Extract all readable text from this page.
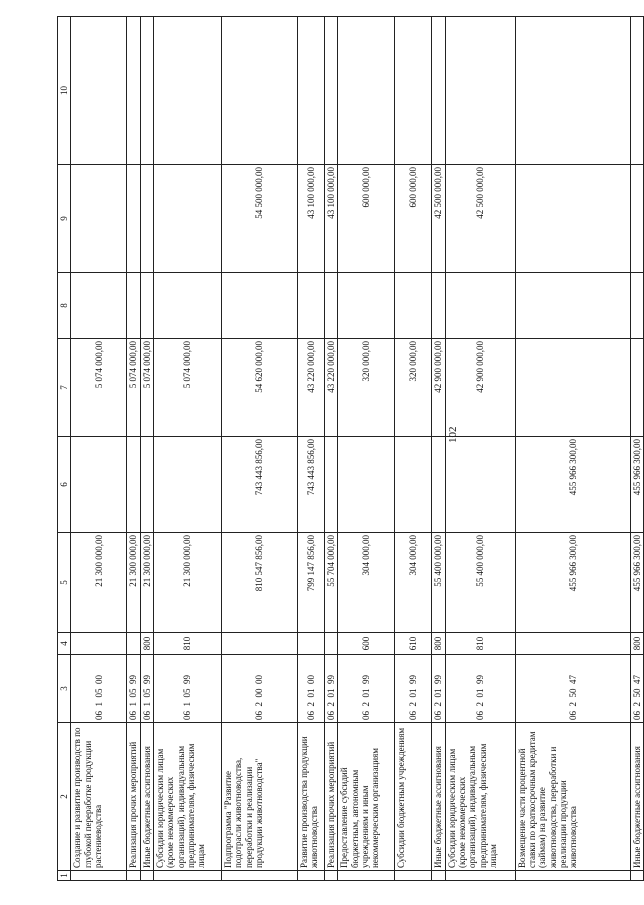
102
1	2	3	4	5	6	7	8	9	10
	Создание и развитие производств по глубокой переработке продукции растениеводства	06  1  05  00		21 300 000,00		5 074 000,00			
	Реализация прочих мероприятий	06  1  05  99		21 300 000,00		5 074 000,00			
	Иные бюджетные ассигнования	06  1  05  99	800	21 300 000,00		5 074 000,00			
	Субсидии юридическим лицам (кроме некоммерческих организаций), индивидуальным предпринимателям, физическим лицам	06  1  05  99	810	21 300 000,00		5 074 000,00			
	Подпрограмма "Развитие подотрасли животноводства, переработки и реализации продукции животноводства"	06  2  00  00		810 547 856,00	743 443 856,00	54 620 000,00		54 500 000,00	
	Развитие производства продукции животноводства	06  2  01  00		799 147 856,00	743 443 856,00	43 220 000,00		43 100 000,00	
	Реализация прочих мероприятий	06  2  01  99		55 704 000,00		43 220 000,00		43 100 000,00	
	Предоставление субсидий бюджетным, автономным учреждениям и иным некоммерческим организациям	06  2  01  99	600	304 000,00		320 000,00		600 000,00	
	Субсидии бюджетным учреждениям	06  2  01  99	610	304 000,00		320 000,00		600 000,00	
	Иные бюджетные ассигнования	06  2  01  99	800	55 400 000,00		42 900 000,00		42 500 000,00	
	Субсидии юридическим лицам (кроме некоммерческих организаций), индивидуальным предпринимателям, физическим лицам	06  2  01  99	810	55 400 000,00		42 900 000,00		42 500 000,00	
	Возмещение части процентной ставки по краткосрочным кредитам (займам) на развитие животноводства, переработки и реализации продукции животноводства	06  2  50  47		455 966 300,00	455 966 300,00				
	Иные бюджетные ассигнования	06  2  50  47	800	455 966 300,00	455 966 300,00				
